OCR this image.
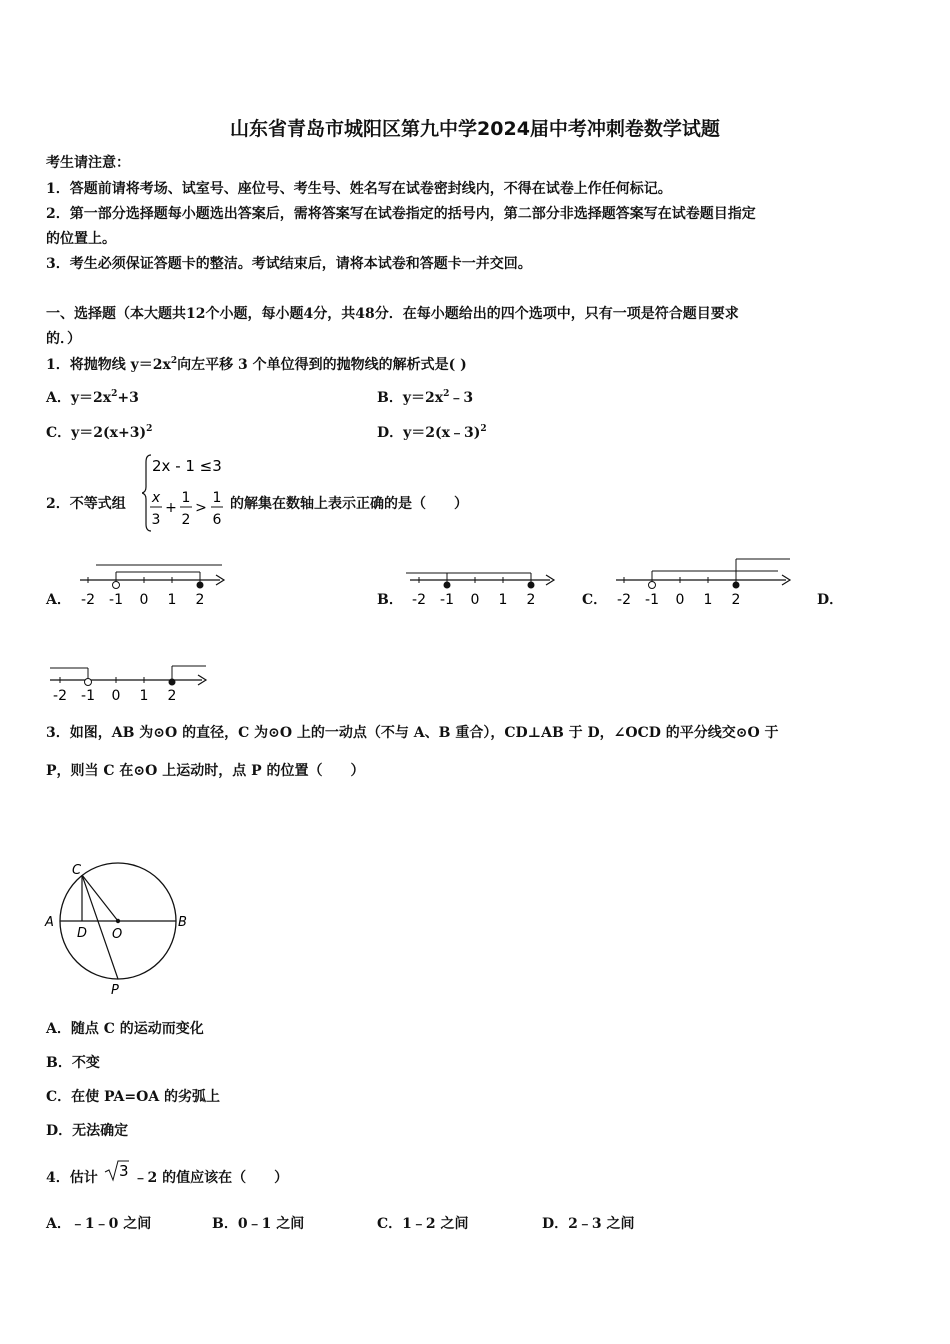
山东省青岛市城阳区第九中学2024届中考冲刺卷数学试题
考生请注意：
1．答题前请将考场、试室号、座位号、考生号、姓名写在试卷密封线内，不得在试卷上作任何标记。
2．第一部分选择题每小题选出答案后，需将答案写在试卷指定的括号内，第二部分非选择题答案写在试卷题目指定
的位置上。
3．考生必须保证答题卡的整洁。考试结束后，请将本试卷和答题卡一并交回。
一、选择题（本大题共12个小题，每小题4分，共48分．在每小题给出的四个选项中，只有一项是符合题目要求
的．）
1．将抛物线 $y=2x^2$向左平移 3 个单位得到的抛物线的解析式是( )
A．$y=2x^2+3$	B．$y=2x^2﹣3$
C．$y=2(x+3)^2$	D．y＝2(x﹣3)$^2$
2．不等式组
2x - 1 ≤3
x
3
+
1
2
>
1
6
的解集在数轴上表示正确的是（　　）
A． -2 -1 0 1 2	B． -2 -1 0 1 2	C． -2 -1 0 1 2	D．
-2 -1 0 1 2
3．如图，AB 为⊙O 的直径，C 为⊙O 上的一动点（不与 A、B 重合），CD⊥AB 于 D，∠OCD 的平分线交⊙O 于
P，则当 C 在⊙O 上运动时，点 P 的位置（　　）
C
A	B
D O
P
A．随点 C 的运动而变化
B．不变
C．在使 PA=OA 的劣弧上
D．无法确定
4．估计 3 ﹣2 的值应该在（　　）
A．﹣1﹣0 之间	B．0﹣1 之间	C．1﹣2 之间	D．2﹣3 之间
